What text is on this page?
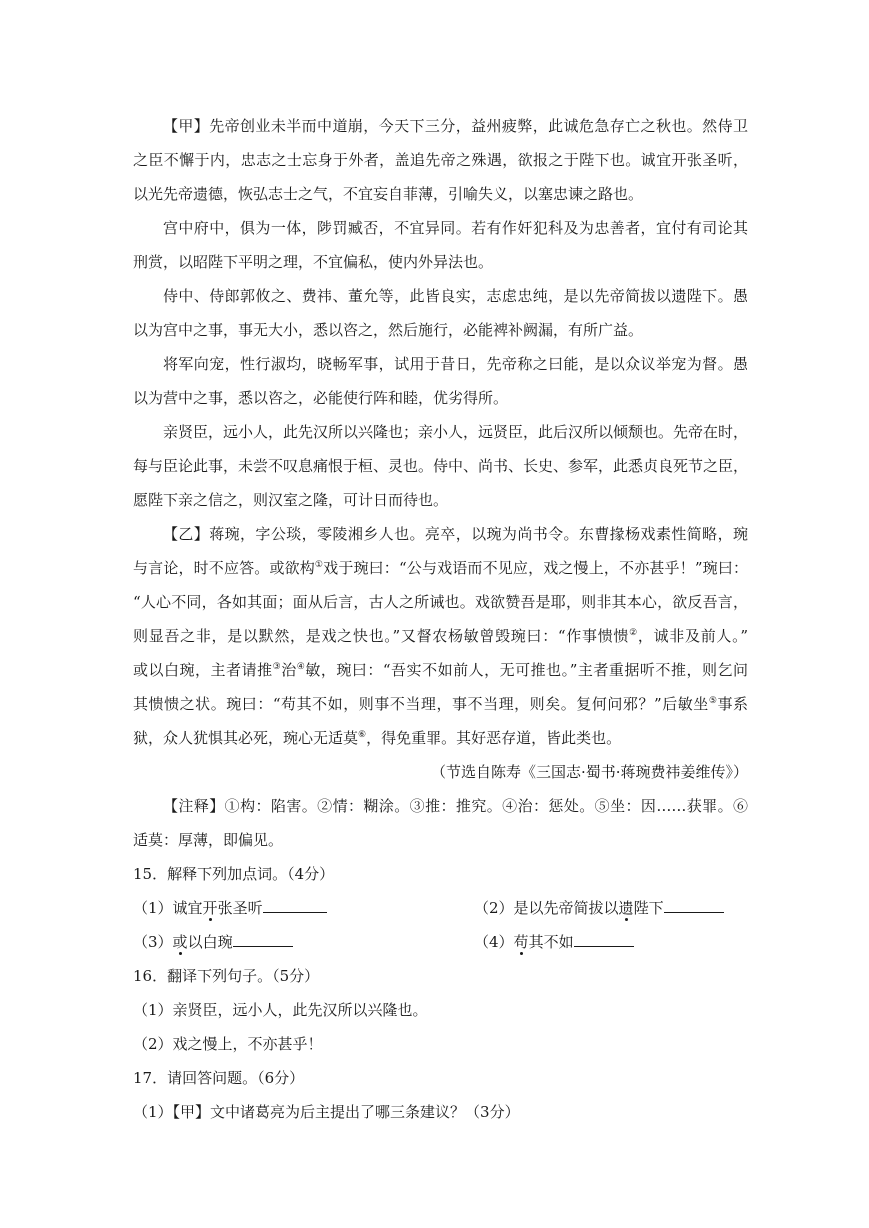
【甲】先帝创业未半而中道崩，今天下三分，益州疲弊，此诚危急存亡之秋也。然侍卫
之臣不懈于内，忠志之士忘身于外者，盖追先帝之殊遇，欲报之于陛下也。诚宜开张圣听，
以光先帝遗德，恢弘志士之气，不宜妄自菲薄，引喻失义，以塞忠谏之路也。
宫中府中，俱为一体，陟罚臧否，不宜异同。若有作奸犯科及为忠善者，宜付有司论其
刑赏，以昭陛下平明之理，不宜偏私，使内外异法也。
侍中、侍郎郭攸之、费祎、董允等，此皆良实，志虑忠纯，是以先帝简拔以遗陛下。愚
以为宫中之事，事无大小，悉以咨之，然后施行，必能裨补阙漏，有所广益。
将军向宠，性行淑均，晓畅军事，试用于昔日，先帝称之曰能，是以众议举宠为督。愚
以为营中之事，悉以咨之，必能使行阵和睦，优劣得所。
亲贤臣，远小人，此先汉所以兴隆也；亲小人，远贤臣，此后汉所以倾颓也。先帝在时，
每与臣论此事，未尝不叹息痛恨于桓、灵也。侍中、尚书、长史、参军，此悉贞良死节之臣，
愿陛下亲之信之，则汉室之隆，可计日而待也。
【乙】蒋琬，字公琰，零陵湘乡人也。亮卒，以琬为尚书令。东曹掾杨戏素性简略，琬
与言论，时不应答。或欲构①戏于琬曰：“公与戏语而不见应，戏之慢上，不亦甚乎！”琬曰：
“人心不同，各如其面；面从后言，古人之所诫也。戏欲赞吾是耶，则非其本心，欲反吾言，
则显吾之非，是以默然，是戏之快也。”又督农杨敏曾毁琬曰：“作事愦愦②，诚非及前人。”
或以白琬，主者请推③治④敏，琬曰：“吾实不如前人，无可推也。”主者重据听不推，则乞问
其愦愦之状。琬曰：“苟其不如，则事不当理，事不当理，则矣。复何问邪？”后敏坐⑤事系
狱，众人犹惧其必死，琬心无适莫⑥，得免重罪。其好恶存道，皆此类也。
（节选自陈寿《三国志·蜀书·蒋琬费祎姜维传》）
【注释】①构：陷害。②情：糊涂。③推：推究。④治：惩处。⑤坐：因……获罪。⑥
适莫：厚薄，即偏见。
15．解释下列加点词。（4分）
（1）诚宜开张圣听	（2）是以先帝简拔以遗陛下
（3）或以白琬	（4）苟其不如
16．翻译下列句子。（5分）
（1）亲贤臣，远小人，此先汉所以兴隆也。
（2）戏之慢上，不亦甚乎！
17．请回答问题。（6分）
（1）【甲】文中诸葛亮为后主提出了哪三条建议？（3分）
